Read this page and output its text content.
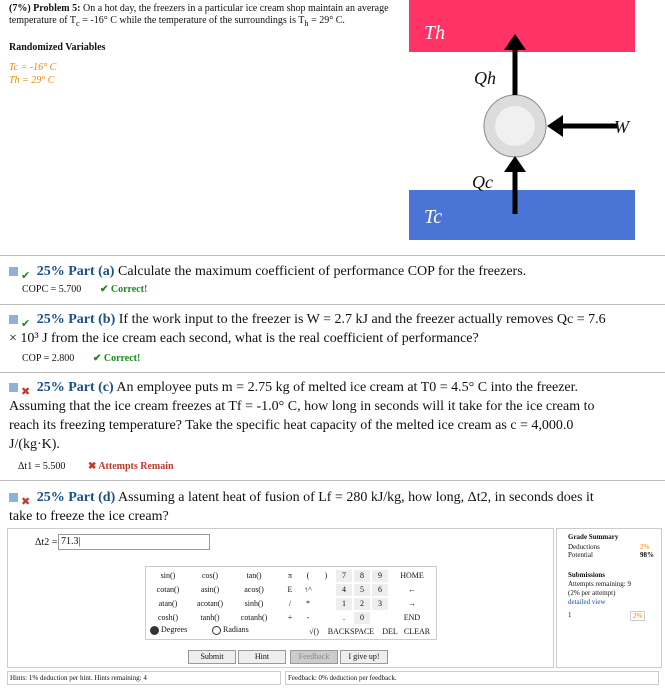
(7%) Problem 5: On a hot day, the freezers in a particular ice cream shop maintain an average
temperature of $T_c = -16^\circ$ C while the temperature of the surroundings is $T_h = 29^\circ$ C.
Randomized Variables
Tc = -16° C
Th = 29° C
Th
Qh
W
Qc
Tc
✔ 25% Part (a) Calculate the maximum coefficient of performance COP for the freezers.
COPC = 5.700 ✔ Correct!
✔ 25% Part (b) If the work input to the freezer is W = 2.7 kJ and the freezer actually removes Qc = 7.6
× 10³ J from the ice cream each second, what is the real coefficient of performance?
COP = 2.800 ✔ Correct!
✖ 25% Part (c) An employee puts m = 2.75 kg of melted ice cream at T0 = 4.5° C into the freezer.
Assuming that the ice cream freezes at Tf = -1.0° C, how long in seconds will it take for the ice cream to
reach its freezing temperature? Take the specific heat capacity of the melted ice cream as c = 4,000.0
J/(kg·K).
Δt1 = 5.500 ✖ Attempts Remain
✖ 25% Part (d) Assuming a latent heat of fusion of Lf = 280 kJ/kg, how long, Δt2, in seconds does it
take to freeze the ice cream?
Δt2 = 71.3|
sin()	cos()	tan()
cotan()	asin()	acos()
atan()	acotan()	sinh()
cosh()	tanh()	cotanh()
π	(	)
E	↑^
/	*
+	-
√()
7	8	9
4	5	6
1	2	3
.	0
HOME
←
→
END
BACKSPACE	DEL CLEAR
Degrees	Radians
Submit	Hint	Feedback	I give up!
Grade Summary
Deductions	2%
Potential	98%
Submissions
Attempts remaining: 9
(2% per attempt)
detailed view
1	2%
Hints: 1% deduction per hint. Hints remaining: 4	Feedback: 0% deduction per feedback.
